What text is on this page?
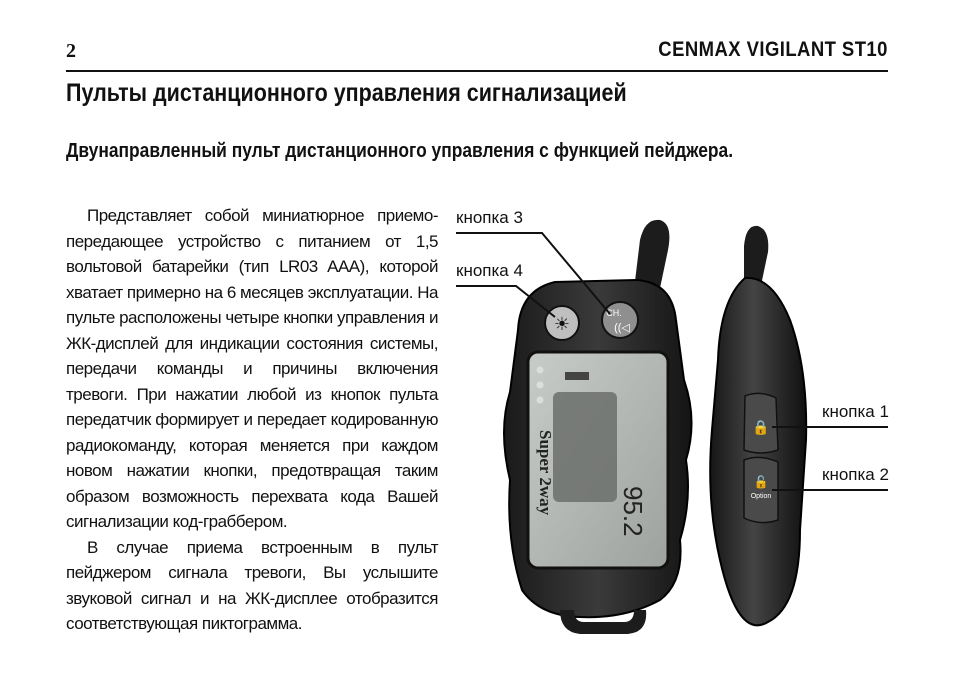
2	CENMAX VIGILANT ST10
Пульты дистанционного управления сигнализацией
Двунаправленный пульт дистанционного управления с функцией пейджера.

Представляет собой миниатюрное приемо-передающее устройство с питанием от 1,5 вольтовой батарейки (тип LR03 AAA), которой хватает примерно на 6 месяцев эксплуатации. На пульте расположены четыре кнопки управления и ЖК-дисплей для индикации состояния системы, передачи команды и причины включения тревоги. При нажатии любой из кнопок пульта передатчик формирует и передает кодированную радиокоманду, которая меняется при каждом новом нажатии кнопки, предотвращая таким образом возможность перехвата кода Вашей сигнализации код-граббером.

В случае приема встроенным в пульт пейджером сигнала тревоги, Вы услышите звуковой сигнал и на ЖК-дисплее отобразится соответствующая пиктограмма.

Super 2way 95.2
☀
CH.
((◁
🔒
🔓
Option
кнопка 3
кнопка 4
кнопка 1
кнопка 2
